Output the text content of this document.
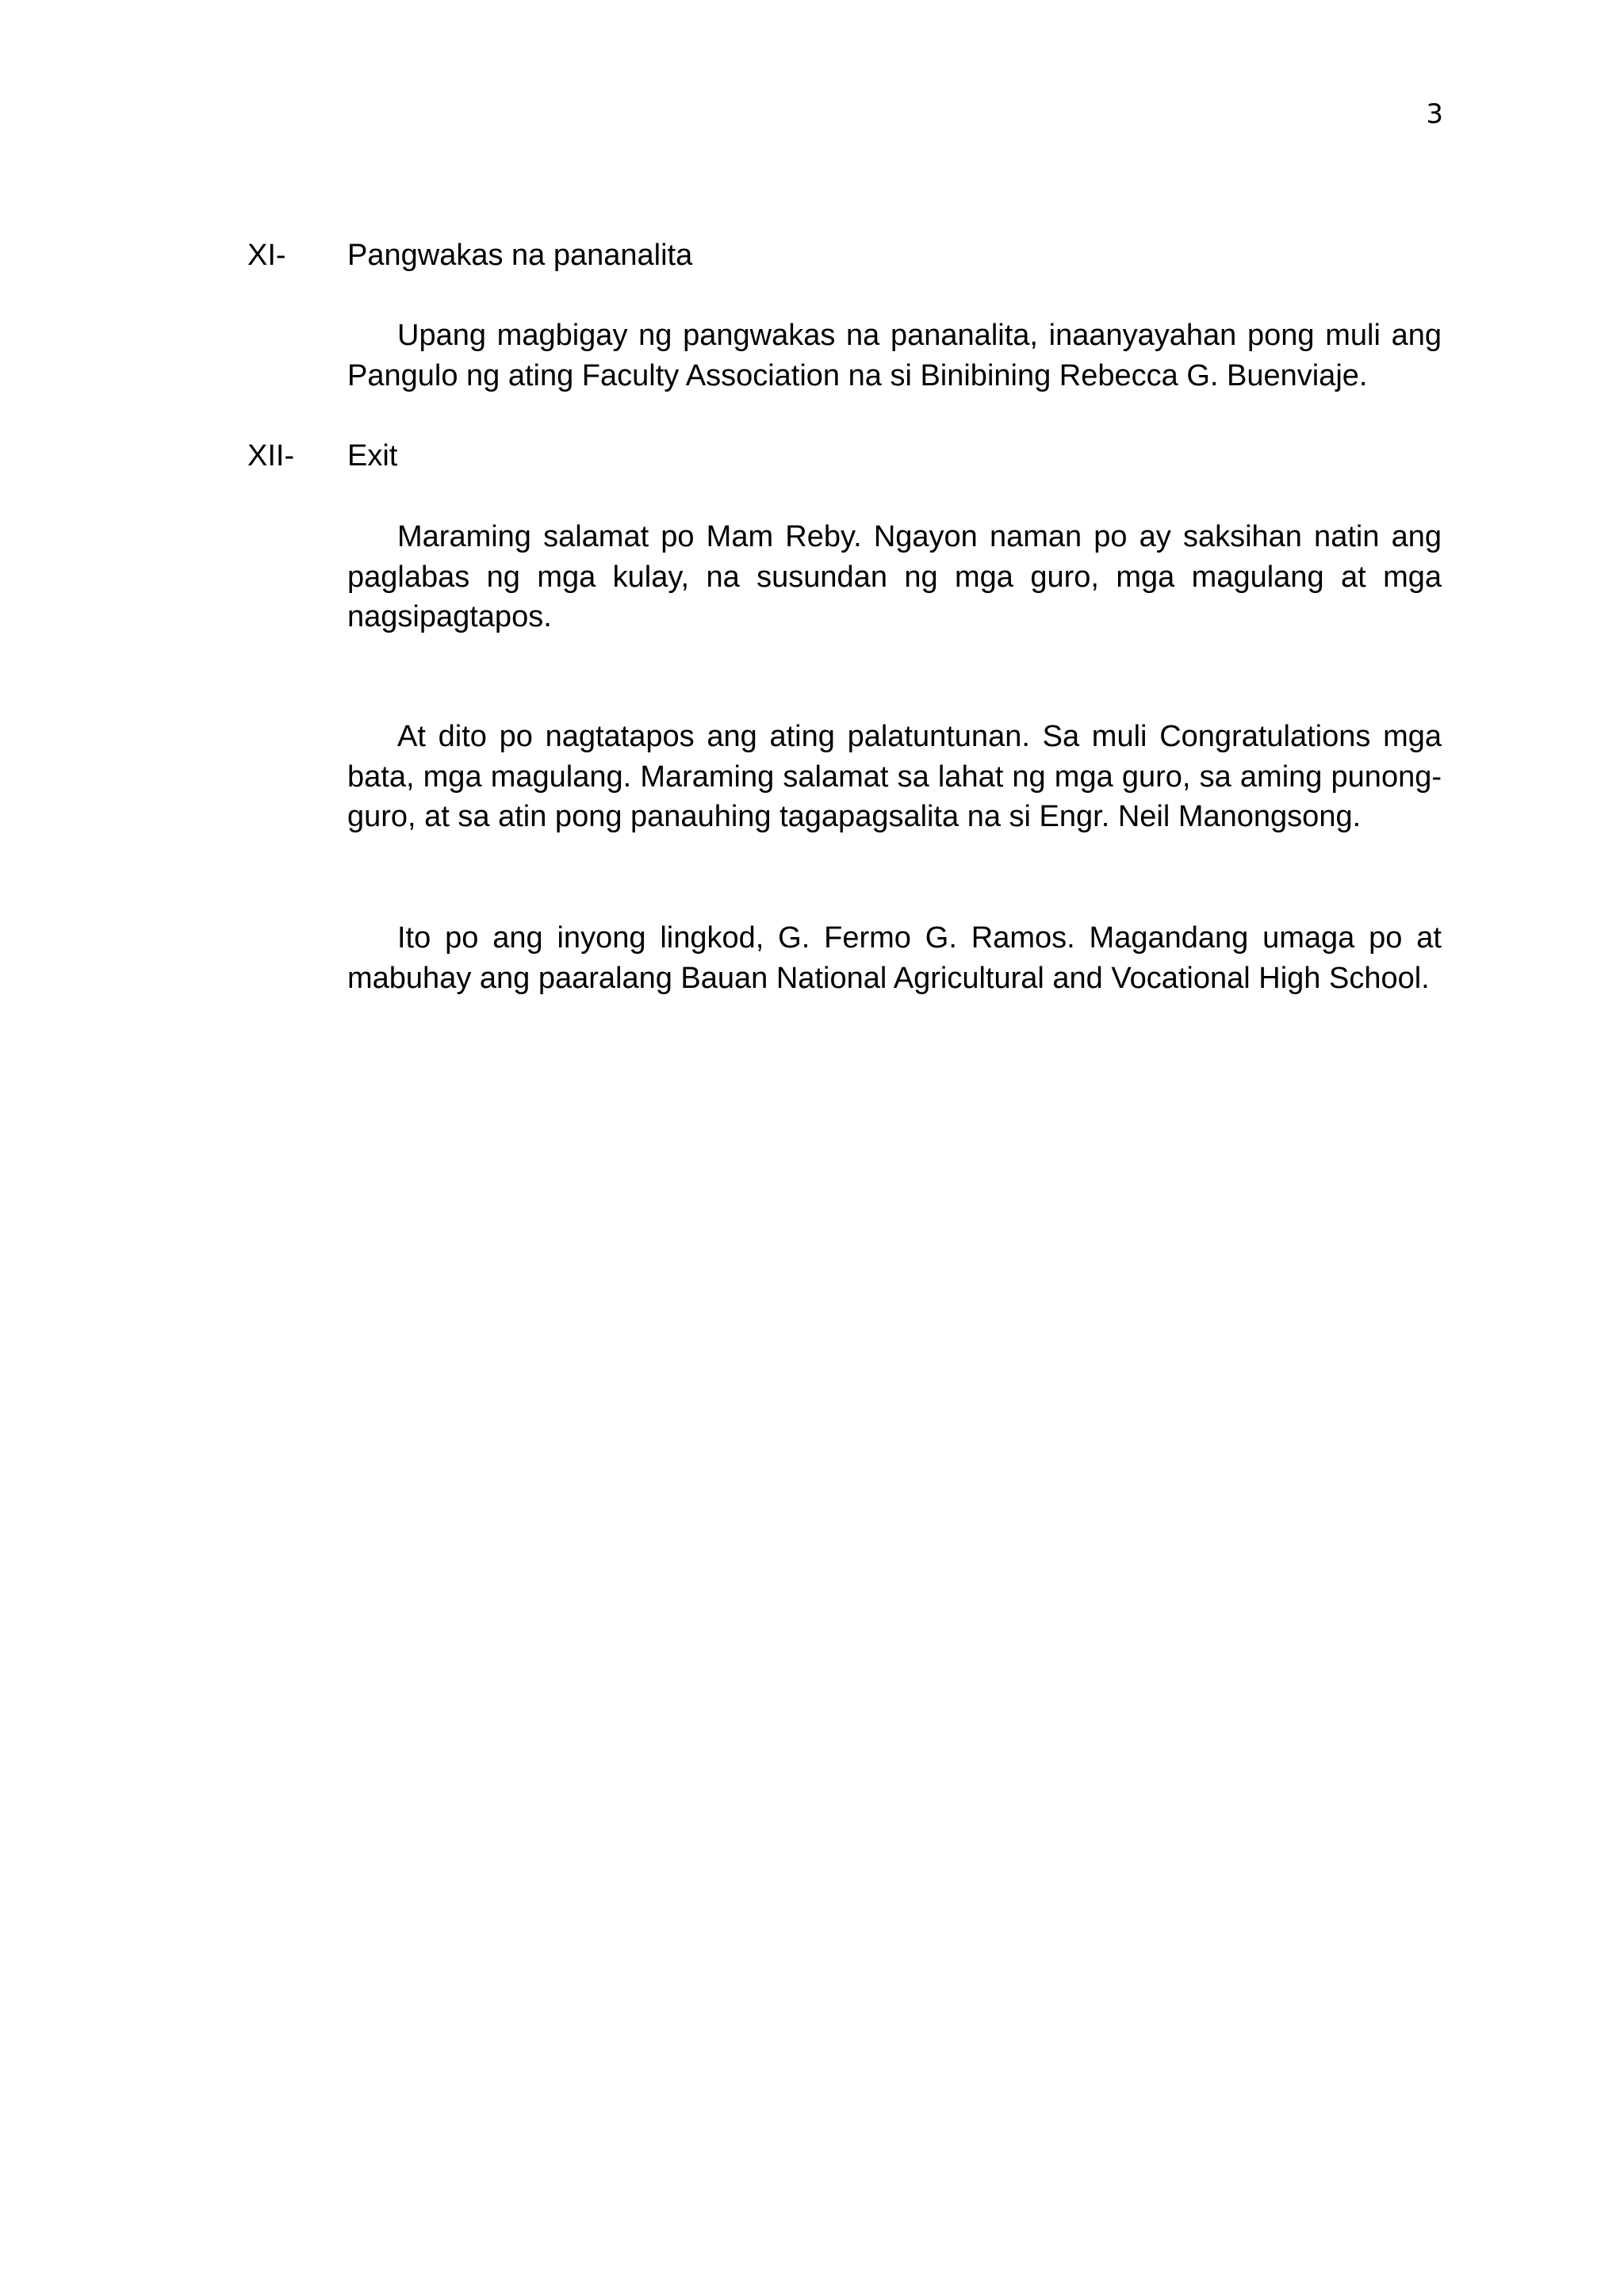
3
XI- Pangwakas na pananalita

Upang magbigay ng pangwakas na pananalita, inaanyayahan pong muli ang Pangulo ng ating Faculty Association na si Binibining Rebecca G. Buenviaje.

XII- Exit

Maraming salamat po Mam Reby. Ngayon naman po ay saksihan natin ang paglabas ng mga kulay, na susundan ng mga guro, mga magulang at mga nagsipagtapos.

At dito po nagtatapos ang ating palatuntunan. Sa muli Congratulations mga bata, mga magulang. Maraming salamat sa lahat ng mga guro, sa aming punong-guro, at sa atin pong panauhing tagapagsalita na si Engr. Neil Manongsong.

Ito po ang inyong lingkod, G. Fermo G. Ramos. Magandang umaga po at mabuhay ang paaralang Bauan National Agricultural and Vocational High School.
